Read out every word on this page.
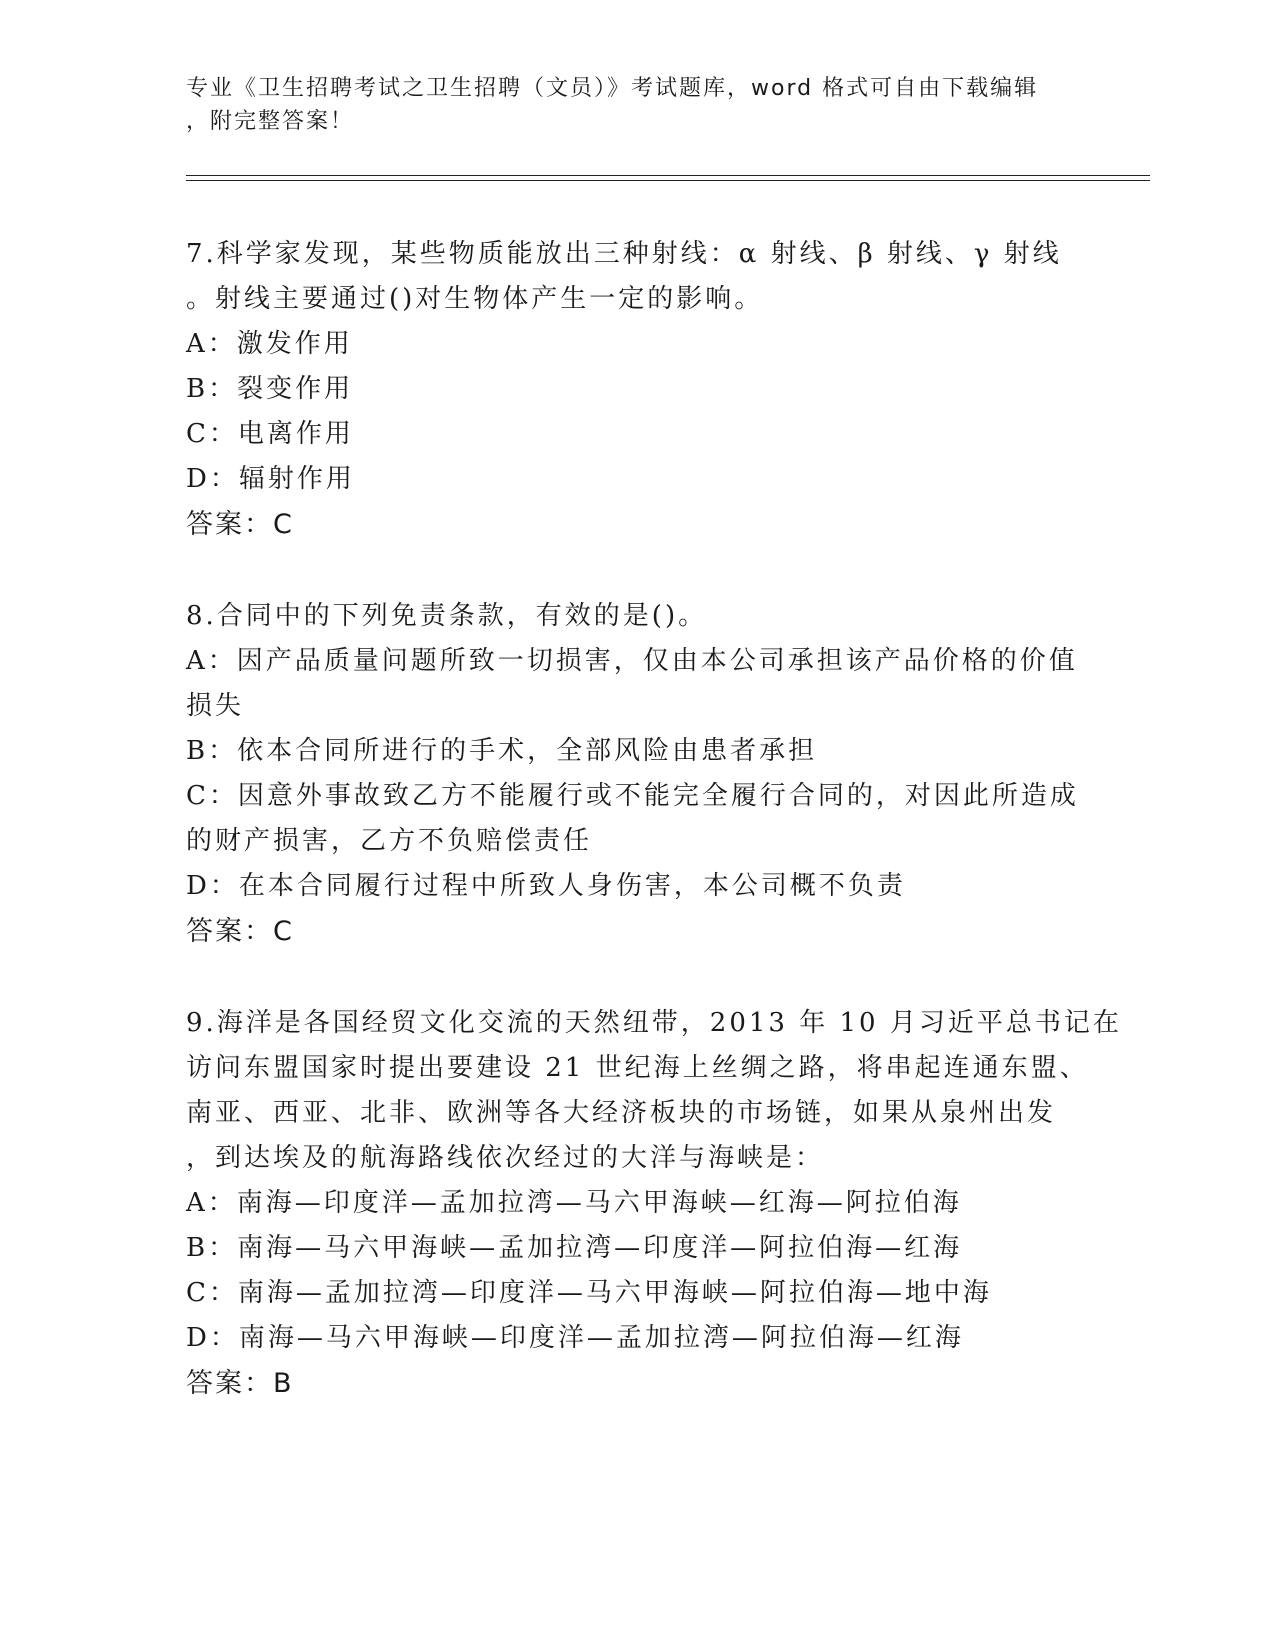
专业《卫生招聘考试之卫生招聘（文员）》考试题库，word 格式可自由下载编辑
，附完整答案！
7.科学家发现，某些物质能放出三种射线：α 射线、β 射线、γ 射线
。射线主要通过()对生物体产生一定的影响。
A：激发作用
B：裂变作用
C：电离作用
D：辐射作用
答案：C
8.合同中的下列免责条款，有效的是()。
A：因产品质量问题所致一切损害，仅由本公司承担该产品价格的价值
损失
B：依本合同所进行的手术，全部风险由患者承担
C：因意外事故致乙方不能履行或不能完全履行合同的，对因此所造成
的财产损害，乙方不负赔偿责任
D：在本合同履行过程中所致人身伤害，本公司概不负责
答案：C
9.海洋是各国经贸文化交流的天然纽带，2013 年 10 月习近平总书记在
访问东盟国家时提出要建设 21 世纪海上丝绸之路，将串起连通东盟、
南亚、西亚、北非、欧洲等各大经济板块的市场链，如果从泉州出发
，到达埃及的航海路线依次经过的大洋与海峡是：
A：南海—印度洋—孟加拉湾—马六甲海峡—红海—阿拉伯海
B：南海—马六甲海峡—孟加拉湾—印度洋—阿拉伯海—红海
C：南海—孟加拉湾—印度洋—马六甲海峡—阿拉伯海—地中海
D：南海—马六甲海峡—印度洋—孟加拉湾—阿拉伯海—红海
答案：B
